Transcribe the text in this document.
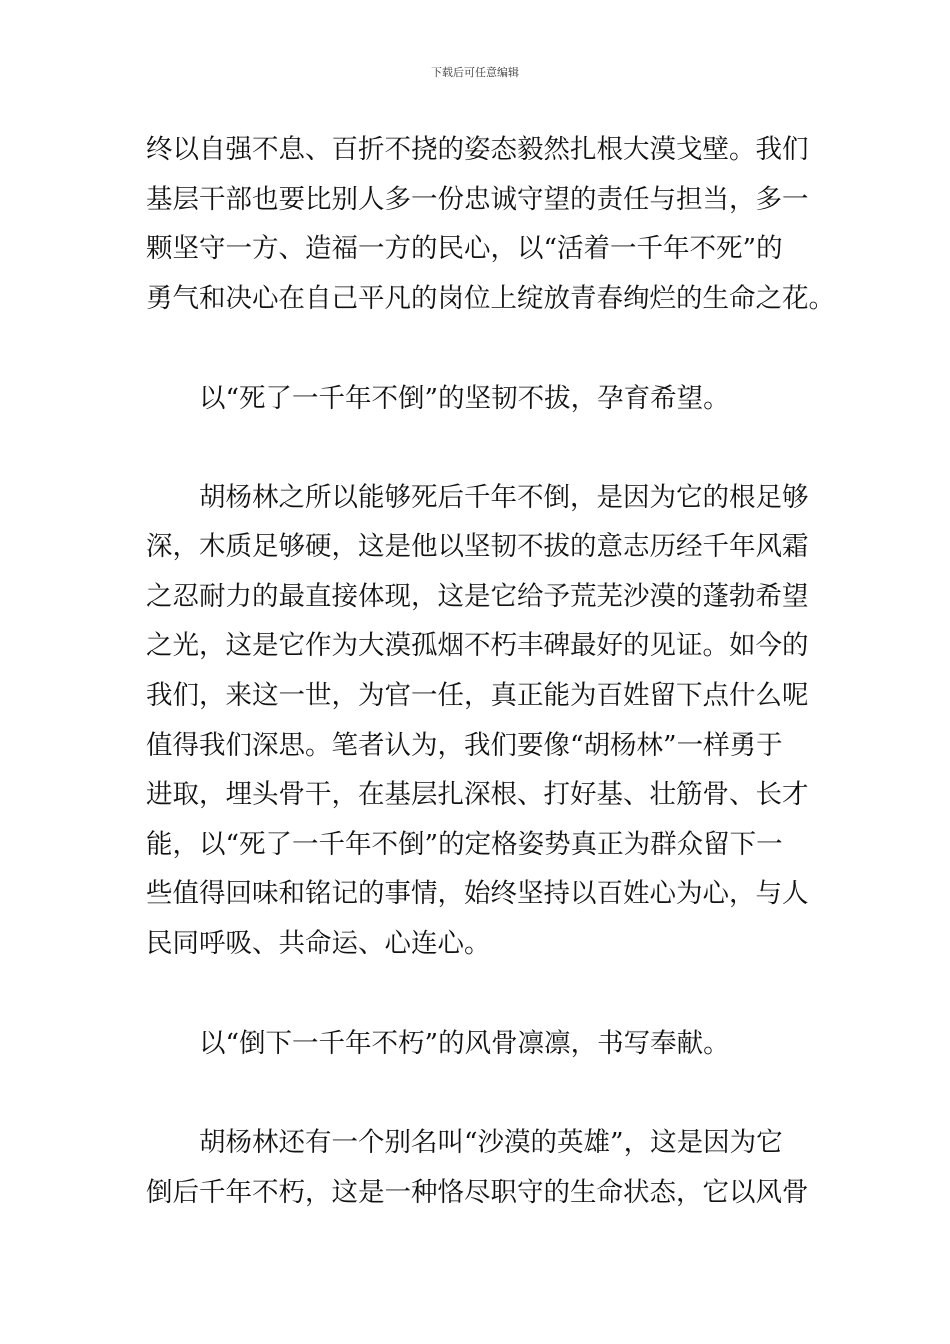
下载后可任意编辑
终以自强不息、百折不挠的姿态毅然扎根大漠戈壁。我们
基层干部也要比别人多一份忠诚守望的责任与担当，多一
颗坚守一方、造福一方的民心，以“活着一千年不死”的
勇气和决心在自己平凡的岗位上绽放青春绚烂的生命之花。
以“死了一千年不倒”的坚韧不拔，孕育希望。
胡杨林之所以能够死后千年不倒，是因为它的根足够
深，木质足够硬，这是他以坚韧不拔的意志历经千年风霜
之忍耐力的最直接体现，这是它给予荒芜沙漠的蓬勃希望
之光，这是它作为大漠孤烟不朽丰碑最好的见证。如今的
我们，来这一世，为官一任，真正能为百姓留下点什么呢
值得我们深思。笔者认为，我们要像“胡杨林”一样勇于
进取，埋头骨干，在基层扎深根、打好基、壮筋骨、长才
能，以“死了一千年不倒”的定格姿势真正为群众留下一
些值得回味和铭记的事情，始终坚持以百姓心为心，与人
民同呼吸、共命运、心连心。
以“倒下一千年不朽”的风骨凛凛，书写奉献。
胡杨林还有一个别名叫“沙漠的英雄”，这是因为它
倒后千年不朽，这是一种恪尽职守的生命状态，它以风骨
